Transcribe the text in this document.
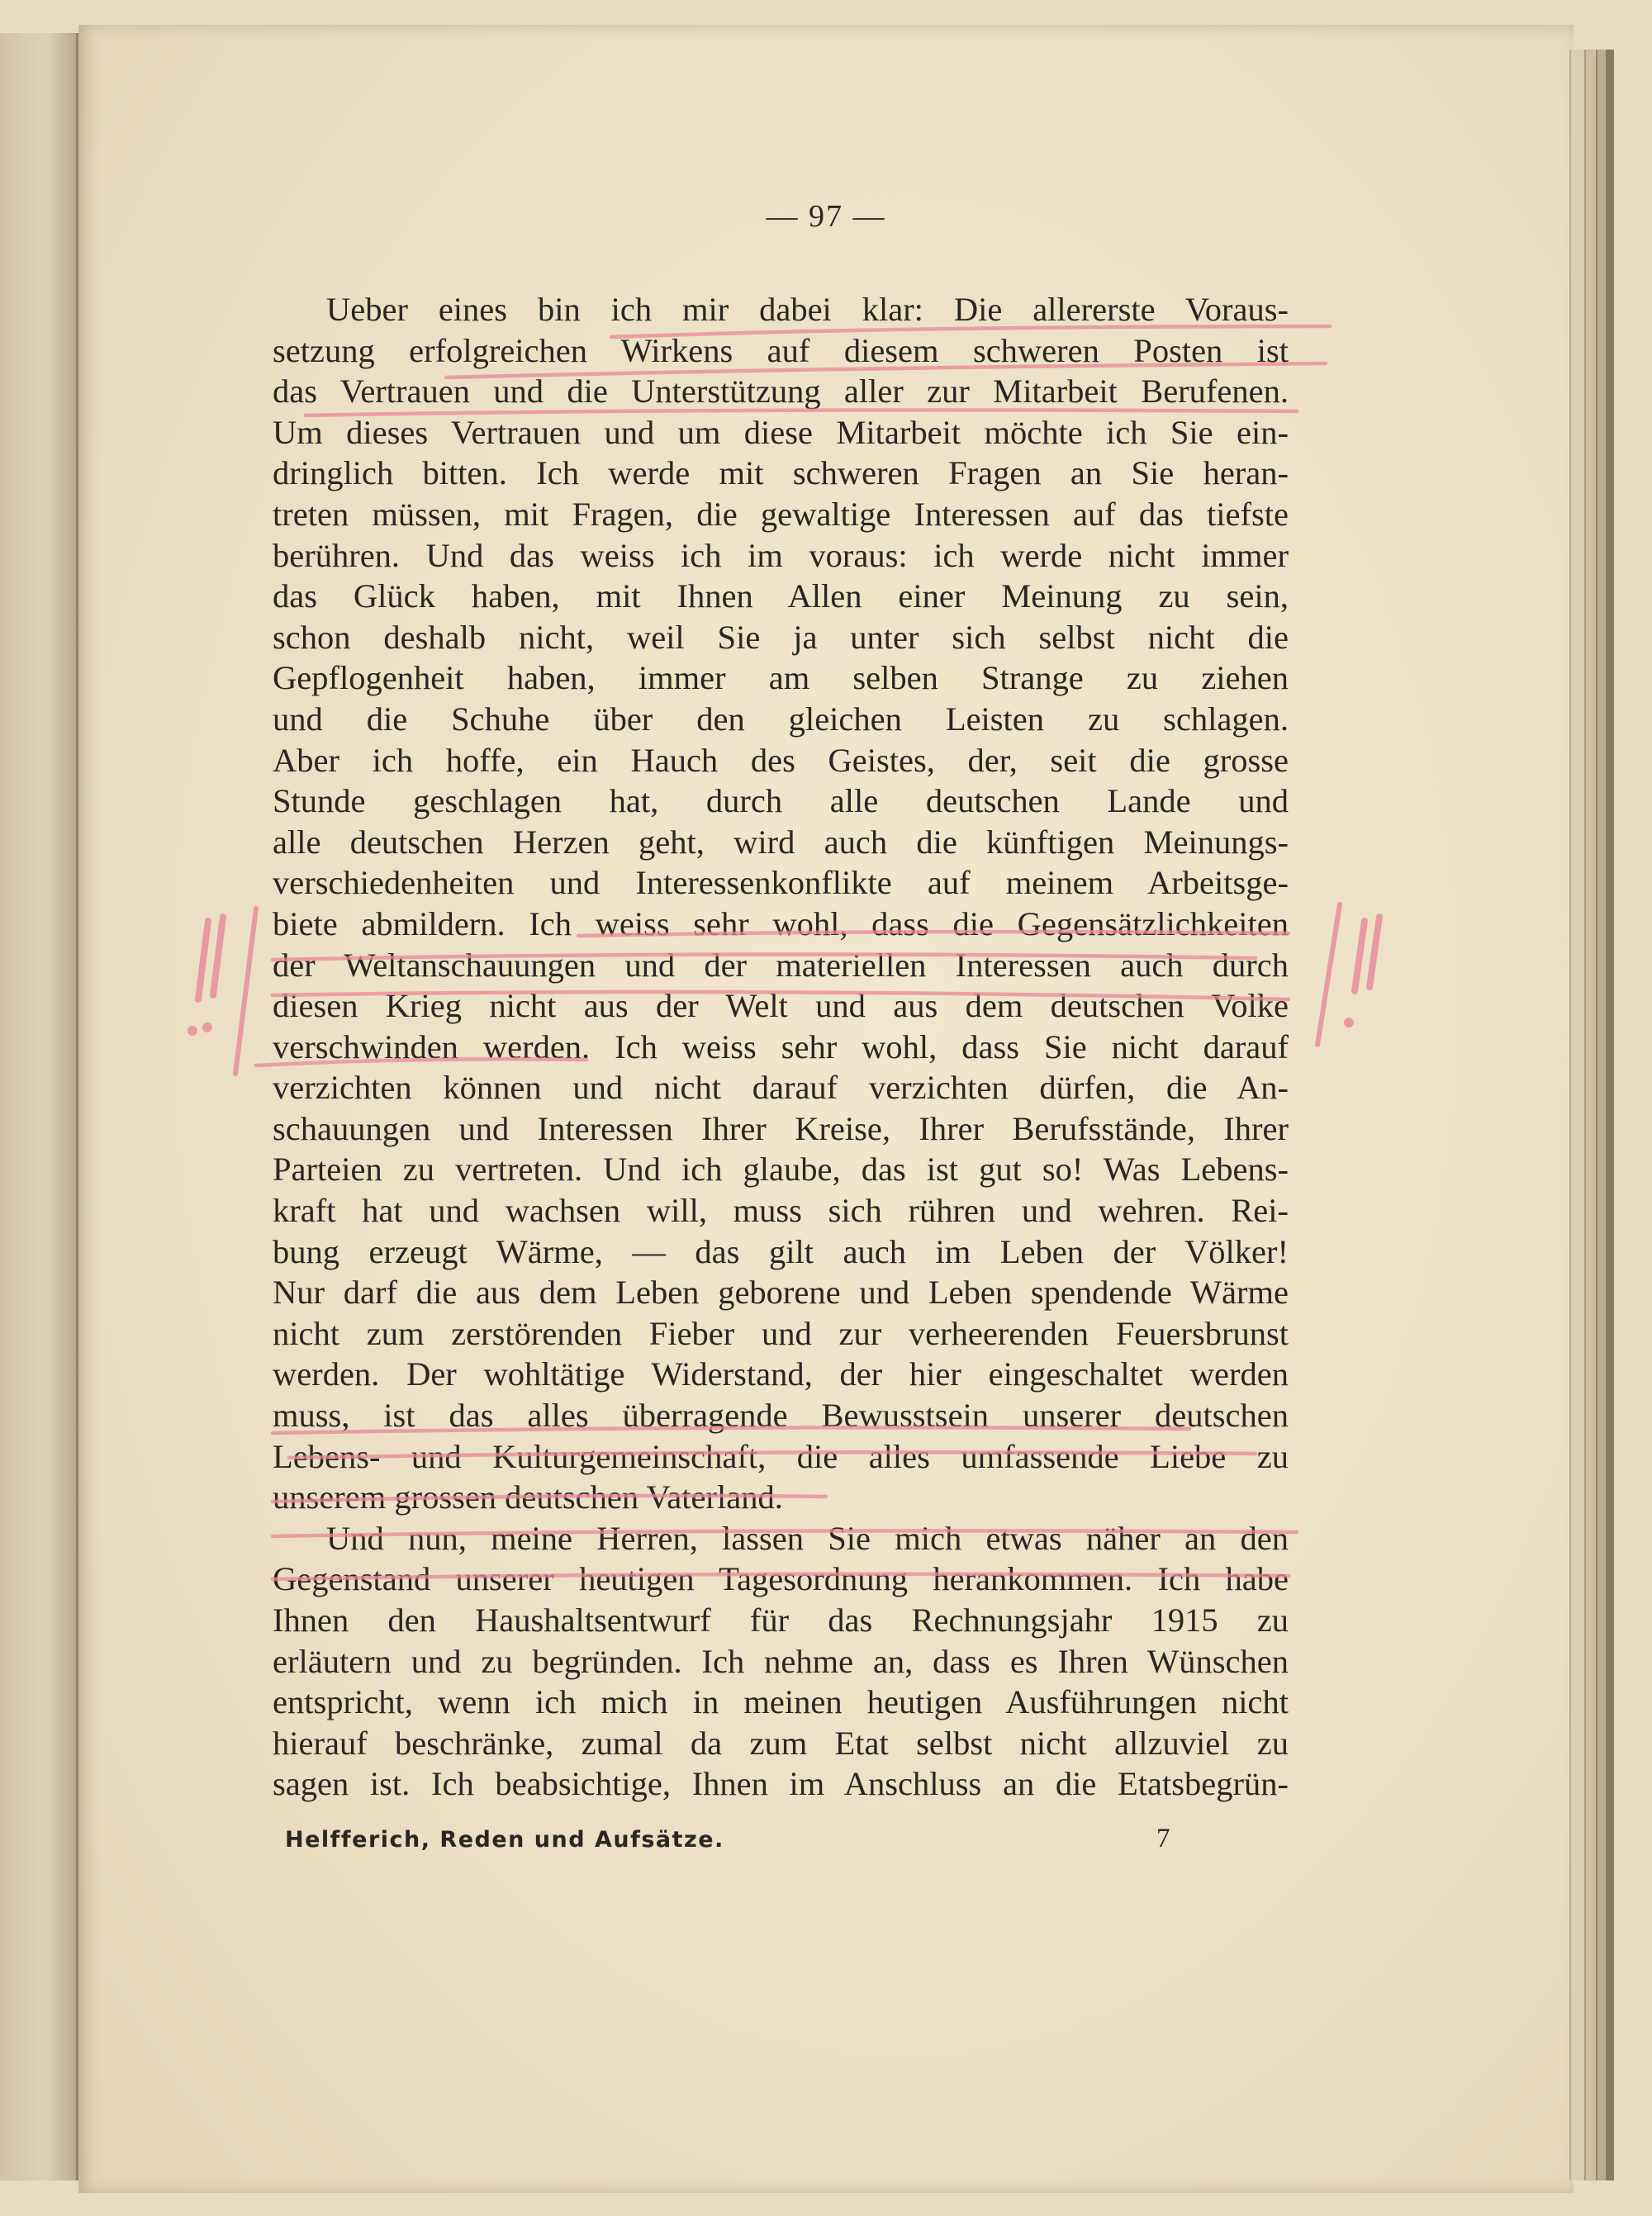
— 97 —
Ueber eines bin ich mir dabei klar: Die allererste Voraus-
setzung erfolgreichen Wirkens auf diesem schweren Posten ist
das Vertrauen und die Unterstützung aller zur Mitarbeit Berufenen.
Um dieses Vertrauen und um diese Mitarbeit möchte ich Sie ein-
dringlich bitten. Ich werde mit schweren Fragen an Sie heran-
treten müssen, mit Fragen, die gewaltige Interessen auf das tiefste
berühren. Und das weiss ich im voraus: ich werde nicht immer
das Glück haben, mit Ihnen Allen einer Meinung zu sein,
schon deshalb nicht, weil Sie ja unter sich selbst nicht die
Gepflogenheit haben, immer am selben Strange zu ziehen
und die Schuhe über den gleichen Leisten zu schlagen.
Aber ich hoffe, ein Hauch des Geistes, der, seit die grosse
Stunde geschlagen hat, durch alle deutschen Lande und
alle deutschen Herzen geht, wird auch die künftigen Meinungs-
verschiedenheiten und Interessenkonflikte auf meinem Arbeitsge-
biete abmildern. Ich weiss sehr wohl, dass die Gegensätzlichkeiten
der Weltanschauungen und der materiellen Interessen auch durch
diesen Krieg nicht aus der Welt und aus dem deutschen Volke
verschwinden werden. Ich weiss sehr wohl, dass Sie nicht darauf
verzichten können und nicht darauf verzichten dürfen, die An-
schauungen und Interessen Ihrer Kreise, Ihrer Berufsstände, Ihrer
Parteien zu vertreten. Und ich glaube, das ist gut so! Was Lebens-
kraft hat und wachsen will, muss sich rühren und wehren. Rei-
bung erzeugt Wärme, — das gilt auch im Leben der Völker!
Nur darf die aus dem Leben geborene und Leben spendende Wärme
nicht zum zerstörenden Fieber und zur verheerenden Feuersbrunst
werden. Der wohltätige Widerstand, der hier eingeschaltet werden
muss, ist das alles überragende Bewusstsein unserer deutschen
Lebens- und Kulturgemeinschaft, die alles umfassende Liebe zu
unserem grossen deutschen Vaterland.
Und nun, meine Herren, lassen Sie mich etwas näher an den
Gegenstand unserer heutigen Tagesordnung herankommen. Ich habe
Ihnen den Haushaltsentwurf für das Rechnungsjahr 1915 zu
erläutern und zu begründen. Ich nehme an, dass es Ihren Wünschen
entspricht, wenn ich mich in meinen heutigen Ausführungen nicht
hierauf beschränke, zumal da zum Etat selbst nicht allzuviel zu
sagen ist. Ich beabsichtige, Ihnen im Anschluss an die Etatsbegrün-
Helfferich, Reden und Aufsätze.	7
